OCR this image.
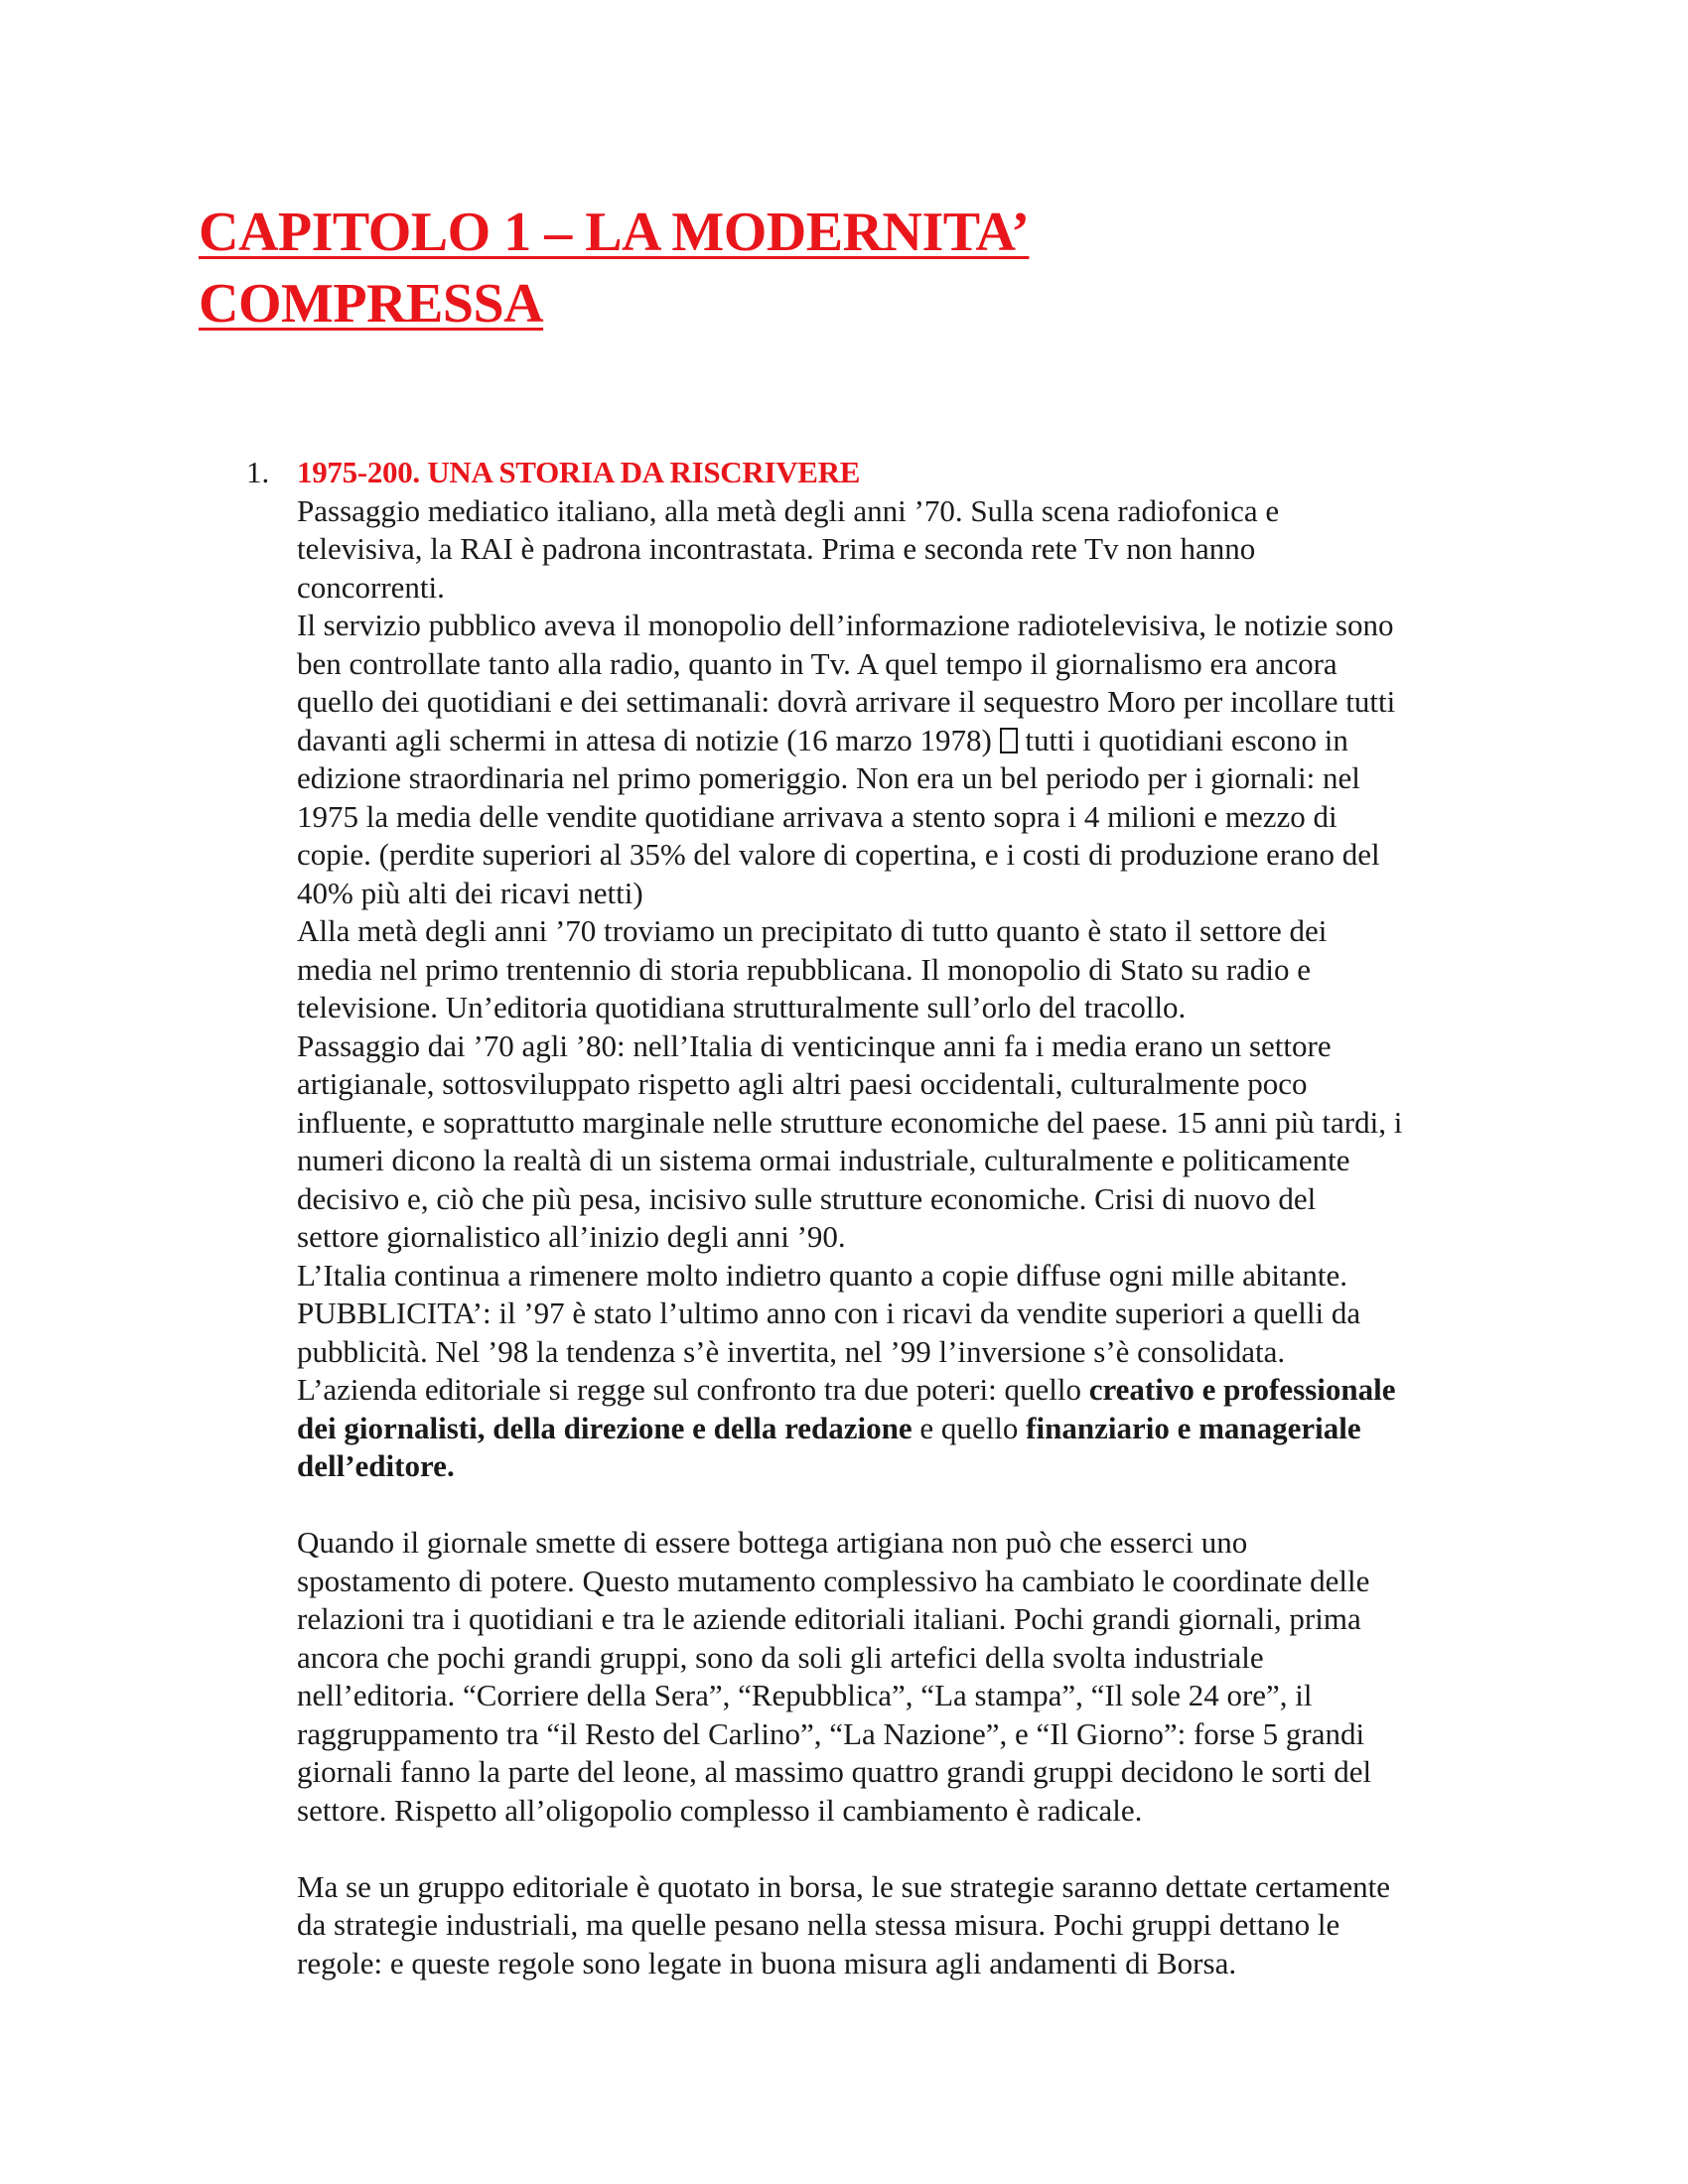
CAPITOLO 1 – LA MODERNITA’
COMPRESSA
1. 1975-200. UNA STORIA DA RISCRIVERE

Passaggio mediatico italiano, alla metà degli anni ’70. Sulla scena radiofonica e
televisiva, la RAI è padrona incontrastata. Prima e seconda rete Tv non hanno
concorrenti.

Il servizio pubblico aveva il monopolio dell’informazione radiotelevisiva, le notizie sono
ben controllate tanto alla radio, quanto in Tv. A quel tempo il giornalismo era ancora
quello dei quotidiani e dei settimanali: dovrà arrivare il sequestro Moro per incollare tutti
davanti agli schermi in attesa di notizie (16 marzo 1978)  tutti i quotidiani escono in
edizione straordinaria nel primo pomeriggio. Non era un bel periodo per i giornali: nel
1975 la media delle vendite quotidiane arrivava a stento sopra i 4 milioni e mezzo di
copie. (perdite superiori al 35% del valore di copertina, e i costi di produzione erano del
40% più alti dei ricavi netti)

Alla metà degli anni ’70 troviamo un precipitato di tutto quanto è stato il settore dei
media nel primo trentennio di storia repubblicana. Il monopolio di Stato su radio e
televisione. Un’editoria quotidiana strutturalmente sull’orlo del tracollo.

Passaggio dai ’70 agli ’80: nell’Italia di venticinque anni fa i media erano un settore
artigianale, sottosviluppato rispetto agli altri paesi occidentali, culturalmente poco
influente, e soprattutto marginale nelle strutture economiche del paese. 15 anni più tardi, i
numeri dicono la realtà di un sistema ormai industriale, culturalmente e politicamente
decisivo e, ciò che più pesa, incisivo sulle strutture economiche. Crisi di nuovo del
settore giornalistico all’inizio degli anni ’90.

L’Italia continua a rimenere molto indietro quanto a copie diffuse ogni mille abitante.

PUBBLICITA’: il ’97 è stato l’ultimo anno con i ricavi da vendite superiori a quelli da
pubblicità. Nel ’98 la tendenza s’è invertita, nel ’99 l’inversione s’è consolidata.

L’azienda editoriale si regge sul confronto tra due poteri: quello creativo e professionale
dei giornalisti, della direzione e della redazione e quello finanziario e manageriale
dell’editore.

Quando il giornale smette di essere bottega artigiana non può che esserci uno
spostamento di potere. Questo mutamento complessivo ha cambiato le coordinate delle
relazioni tra i quotidiani e tra le aziende editoriali italiani. Pochi grandi giornali, prima
ancora che pochi grandi gruppi, sono da soli gli artefici della svolta industriale
nell’editoria. “Corriere della Sera”, “Repubblica”, “La stampa”, “Il sole 24 ore”, il
raggruppamento tra “il Resto del Carlino”, “La Nazione”, e “Il Giorno”: forse 5 grandi
giornali fanno la parte del leone, al massimo quattro grandi gruppi decidono le sorti del
settore. Rispetto all’oligopolio complesso il cambiamento è radicale.

Ma se un gruppo editoriale è quotato in borsa, le sue strategie saranno dettate certamente
da strategie industriali, ma quelle pesano nella stessa misura. Pochi gruppi dettano le
regole: e queste regole sono legate in buona misura agli andamenti di Borsa.
